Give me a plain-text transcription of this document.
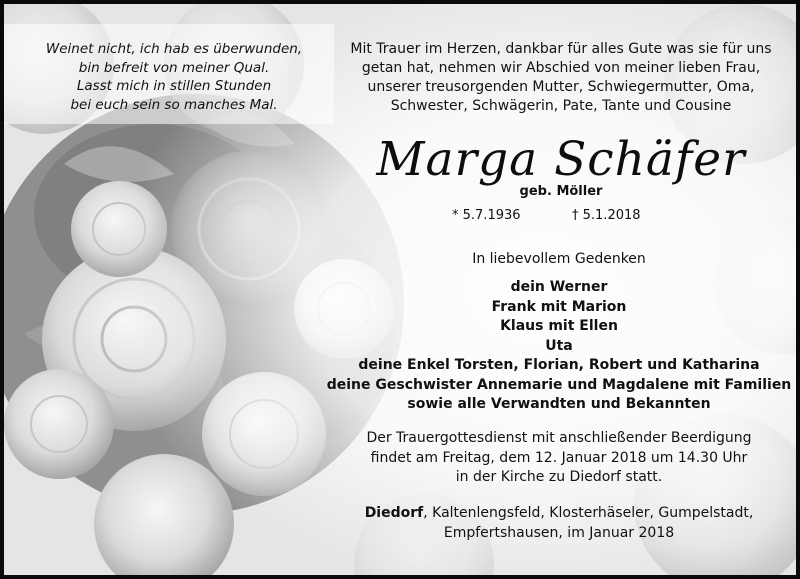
Weinet nicht, ich hab es überwunden,
bin befreit von meiner Qual.
Lasst mich in stillen Stunden
bei euch sein so manches Mal.
Mit Trauer im Herzen, dankbar für alles Gute was sie für uns
getan hat, nehmen wir Abschied von meiner lieben Frau,
unserer treusorgenden Mutter, Schwiegermutter, Oma,
Schwester, Schwägerin, Pate, Tante und Cousine
Marga Schäfer
geb. Möller
* 5.7.1936	† 5.1.2018
In liebevollem Gedenken
dein Werner
Frank mit Marion
Klaus mit Ellen
Uta
deine Enkel Torsten, Florian, Robert und Katharina
deine Geschwister Annemarie und Magdalene mit Familien
sowie alle Verwandten und Bekannten
Der Trauergottesdienst mit anschließender Beerdigung
findet am Freitag, dem 12. Januar 2018 um 14.30 Uhr
in der Kirche zu Diedorf statt.
Diedorf, Kaltenlengsfeld, Klosterhäseler, Gumpelstadt,
Empfertshausen, im Januar 2018
